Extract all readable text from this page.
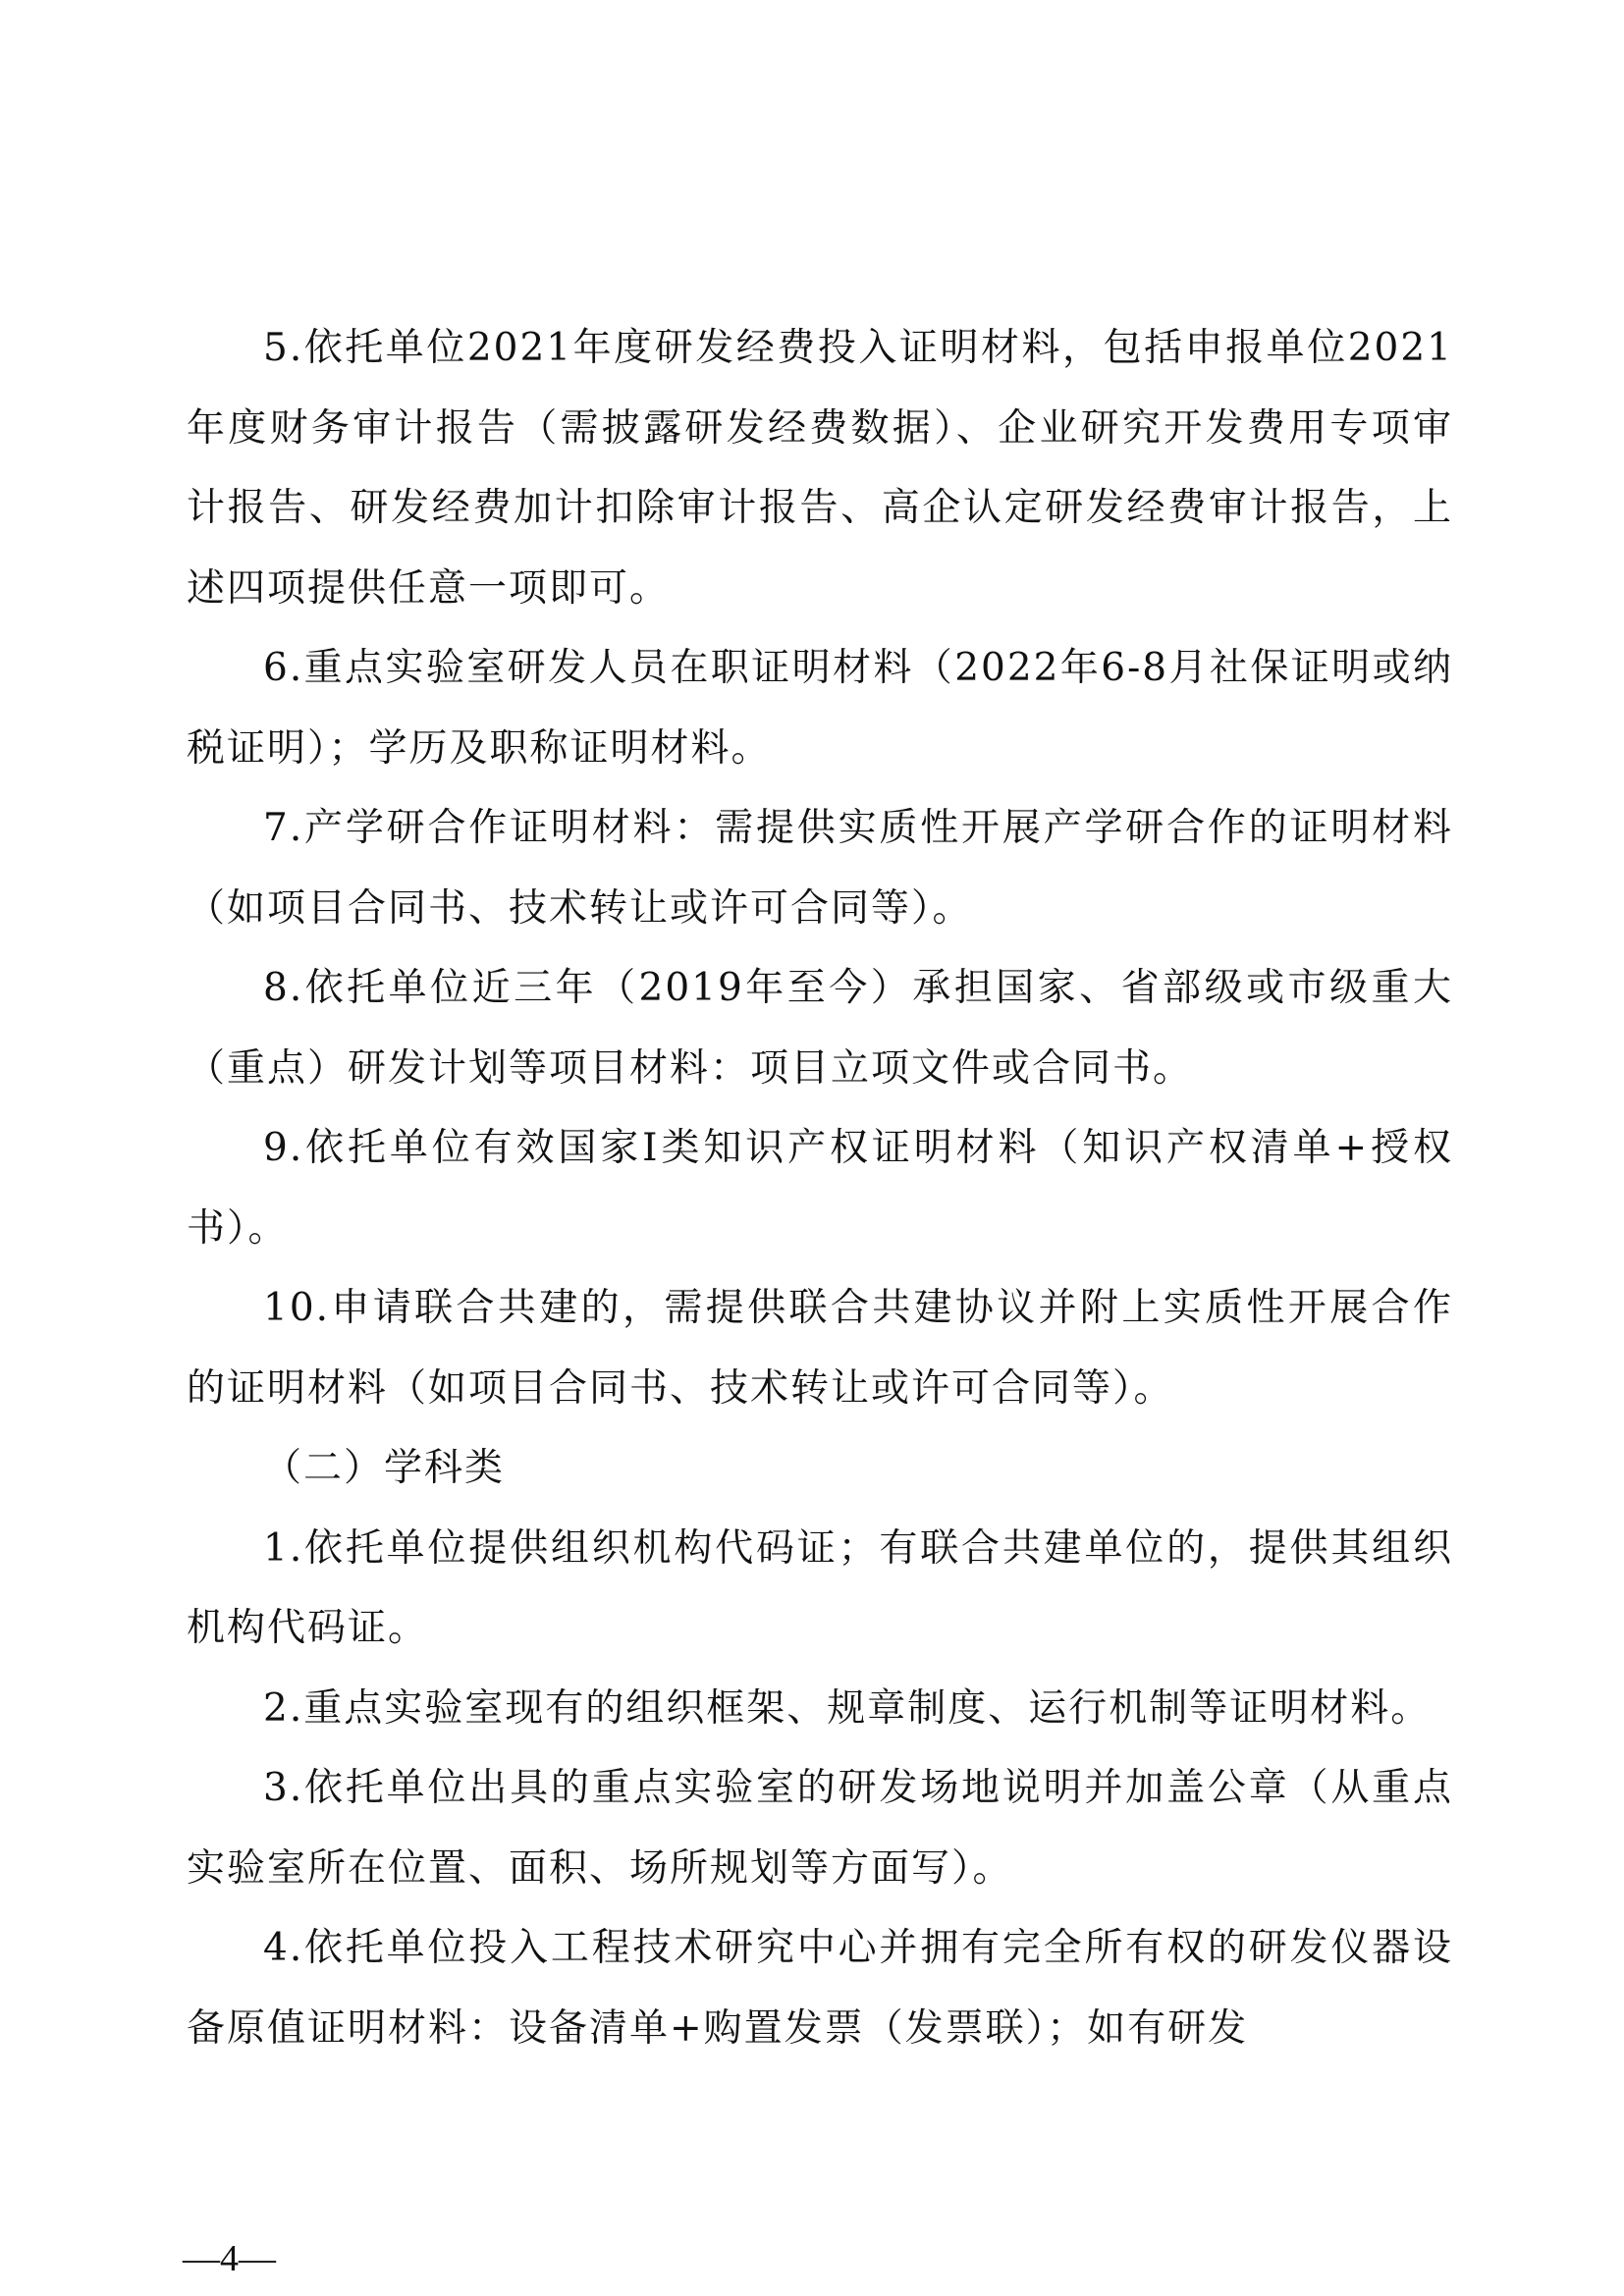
5.依托单位2021年度研发经费投入证明材料，包括申报单位2021年度财务审计报告（需披露研发经费数据）、企业研究开发费用专项审计报告、研发经费加计扣除审计报告、高企认定研发经费审计报告，上述四项提供任意一项即可。

6.重点实验室研发人员在职证明材料（2022年6-8月社保证明或纳税证明）；学历及职称证明材料。

7.产学研合作证明材料：需提供实质性开展产学研合作的证明材料（如项目合同书、技术转让或许可合同等）。

8.依托单位近三年（2019年至今）承担国家、省部级或市级重大（重点）研发计划等项目材料：项目立项文件或合同书。

9.依托单位有效国家I类知识产权证明材料（知识产权清单+授权书）。

10.申请联合共建的，需提供联合共建协议并附上实质性开展合作的证明材料（如项目合同书、技术转让或许可合同等）。

（二）学科类

1.依托单位提供组织机构代码证；有联合共建单位的，提供其组织机构代码证。

2.重点实验室现有的组织框架、规章制度、运行机制等证明材料。

3.依托单位出具的重点实验室的研发场地说明并加盖公章（从重点实验室所在位置、面积、场所规划等方面写）。

4.依托单位投入工程技术研究中心并拥有完全所有权的研发仪器设备原值证明材料：设备清单+购置发票（发票联）；如有研发

—4—
